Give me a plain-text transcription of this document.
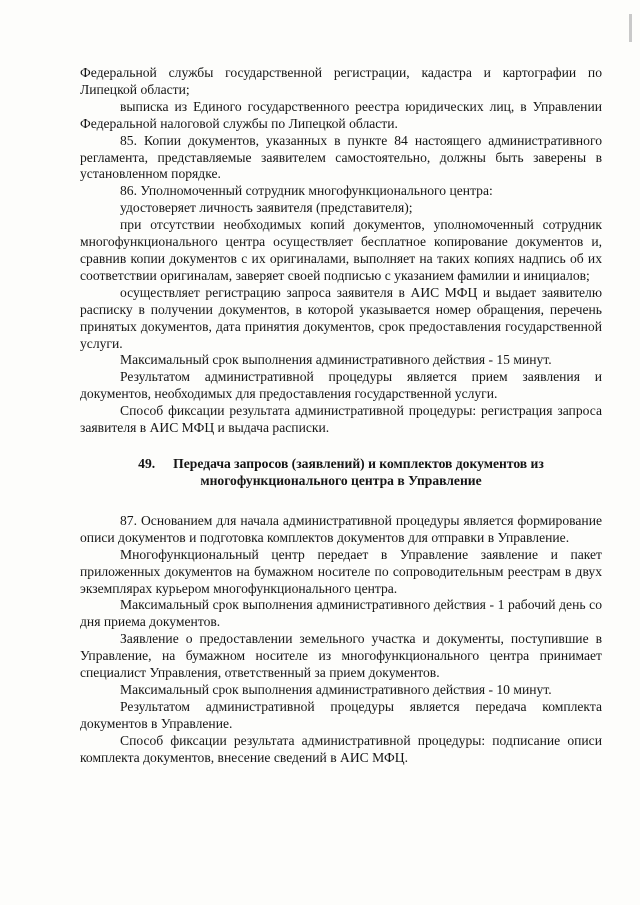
Федеральной службы государственной регистрации, кадастра и картографии по Липецкой области;

выписка из Единого государственного реестра юридических лиц, в Управлении Федеральной налоговой службы по Липецкой области.

85. Копии документов, указанных в пункте 84 настоящего административного регламента, представляемые заявителем самостоятельно, должны быть заверены в установленном порядке.

86. Уполномоченный сотрудник многофункционального центра:

удостоверяет личность заявителя (представителя);

при отсутствии необходимых копий документов, уполномоченный сотрудник многофункционального центра осуществляет бесплатное копирование документов и, сравнив копии документов с их оригиналами, выполняет на таких копиях надпись об их соответствии оригиналам, заверяет своей подписью с указанием фамилии и инициалов;

осуществляет регистрацию запроса заявителя в АИС МФЦ и выдает заявителю расписку в получении документов, в которой указывается номер обращения, перечень принятых документов, дата принятия документов, срок предоставления государственной услуги.

Максимальный срок выполнения административного действия - 15 минут.

Результатом административной процедуры является прием заявления и документов, необходимых для предоставления государственной услуги.

Способ фиксации результата административной процедуры: регистрация запроса заявителя в АИС МФЦ и выдача расписки.

49. Передача запросов (заявлений) и комплектов документов из многофункционального центра в Управление

87. Основанием для начала административной процедуры является формирование описи документов и подготовка комплектов документов для отправки в Управление.

Многофункциональный центр передает в Управление заявление и пакет приложенных документов на бумажном носителе по сопроводительным реестрам в двух экземплярах курьером многофункционального центра.

Максимальный срок выполнения административного действия - 1 рабочий день со дня приема документов.

Заявление о предоставлении земельного участка и документы, поступившие в Управление, на бумажном носителе из многофункционального центра принимает специалист Управления, ответственный за прием документов.

Максимальный срок выполнения административного действия - 10 минут.

Результатом административной процедуры является передача комплекта документов в Управление.

Способ фиксации результата административной процедуры: подписание описи комплекта документов, внесение сведений в АИС МФЦ.
